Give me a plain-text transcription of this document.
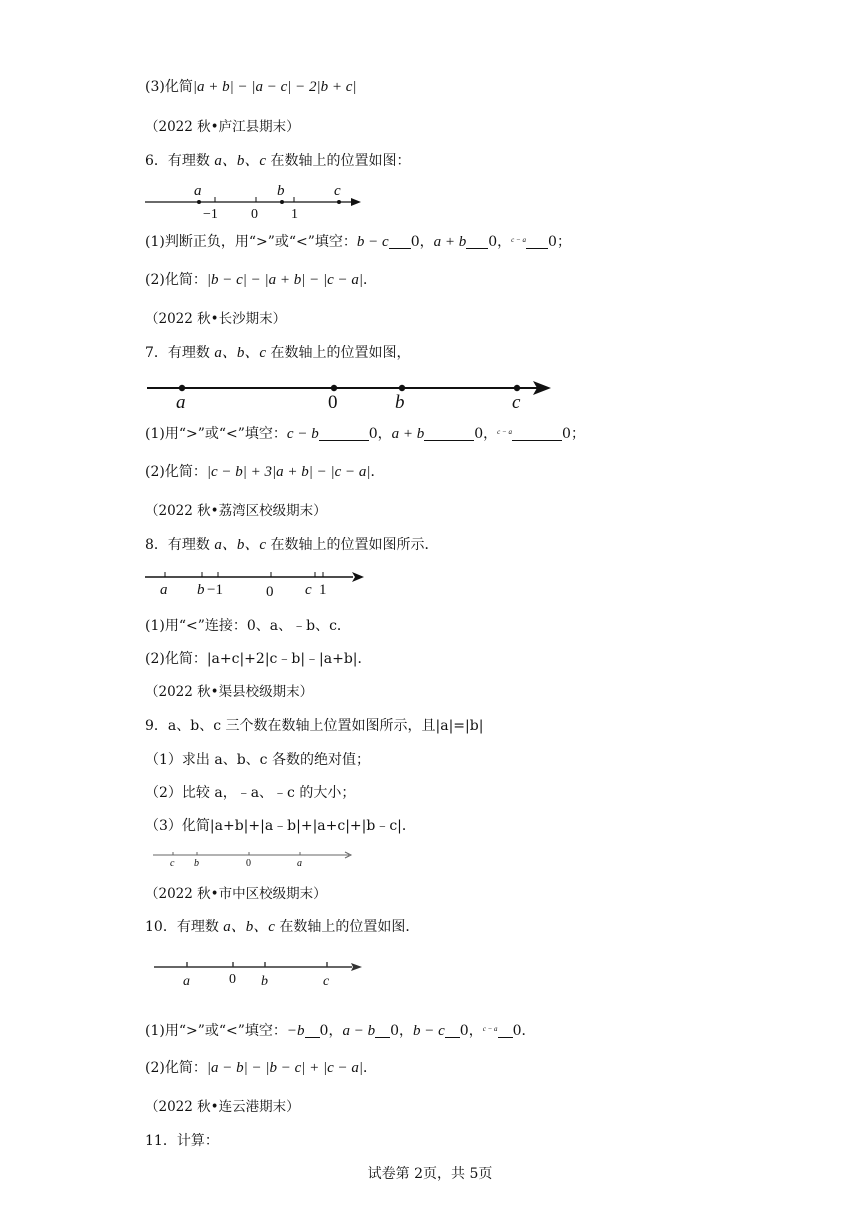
(3)化简|a + b| − |a − c| − 2|b + c|
（2022 秋•庐江县期末）
6．有理数 a、b、c 在数轴上的位置如图：
a	b	c
−1 0 1
(1)判断正负，用“>”或“<”填空：b − c 0，a + b 0，$^{c - a}$ 0；
(2)化简：|b − c| − |a + b| − |c − a|．
（2022 秋•长沙期末）
7．有理数 a、b、c 在数轴上的位置如图，
a	0	b	c
(1)用“>”或“<”填空：c − b	0，a + b	0，$^{c - a}$	0；
(2)化简：|c − b| + 3|a + b| − |c − a|．
（2022 秋•荔湾区校级期末）
8．有理数 a、b、c 在数轴上的位置如图所示．
a b −1	0 c 1
(1)用“<”连接：0、a、﹣b、c．
(2)化简：|a+c|+2|c﹣b|﹣|a+b|．
（2022 秋•渠县校级期末）
9．a、b、c 三个数在数轴上位置如图所示，且|a|=|b|
（1）求出 a、b、c 各数的绝对值；
（2）比较 a，﹣a、﹣c 的大小；
（3）化简|a+b|+|a﹣b|+|a+c|+|b﹣c|．
c b	0	a
（2022 秋•市中区校级期末）
10．有理数 a、b、c 在数轴上的位置如图．
a	0 b	c
(1)用“>”或“<”填空：−b 0，a − b 0，b − c 0，$^{c - a}$ 0．
(2)化简：|a − b| − |b − c| + |c − a|．
（2022 秋•连云港期末）
11．计算：
试卷第 2页，共 5页
